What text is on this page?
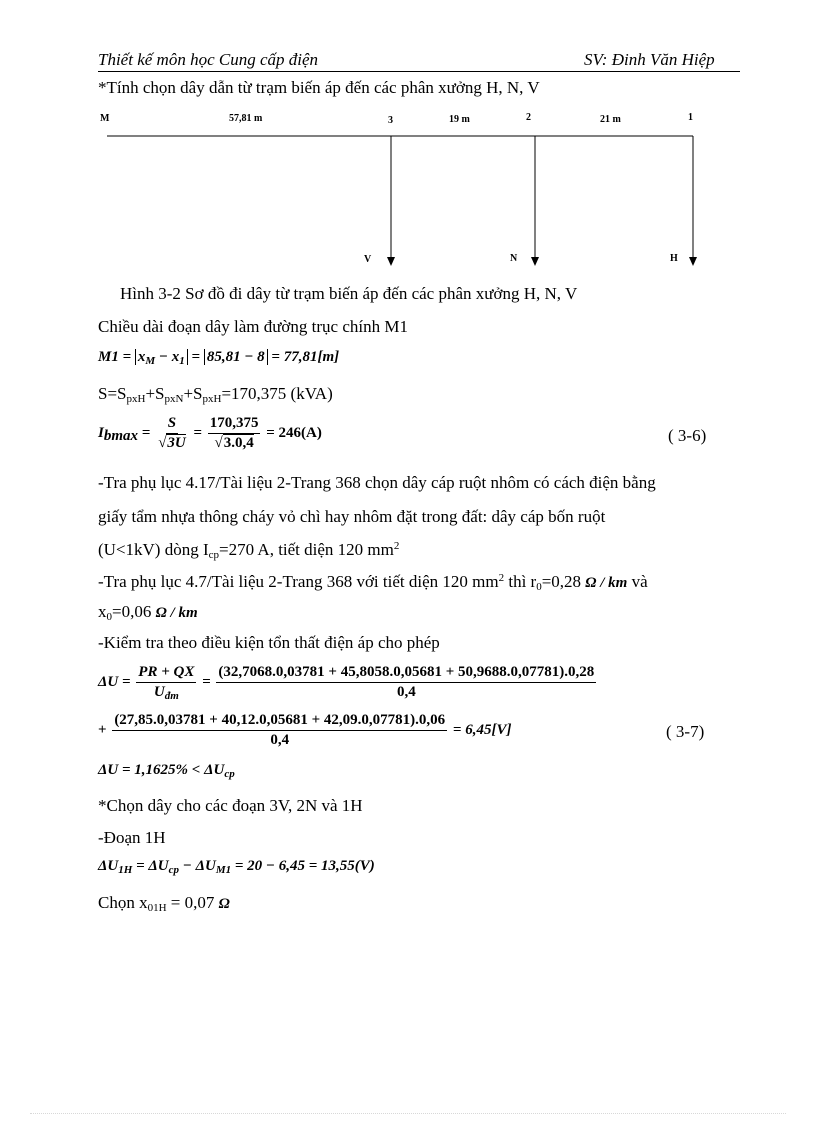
Thiết kế môn học Cung cấp điện	SV: Đinh Văn Hiệp
*Tính chọn dây dẫn từ trạm biến áp đến các phân xưởng H, N, V
M	57,81 m	3	19 m	2	21 m	1
V	N	H
Hình 3-2 Sơ đồ đi dây từ trạm biến áp đến các phân xưởng H, N, V
Chiều dài đoạn dây làm đường trục chính M1
$M1 = x_M - x_1 = 85,81 - 8 = 77,81[m]$
$S=S_{pxH}+S_{pxN}+S_{pxH}=170,375$ (kVA)
$I_{bmax} = \frac{S}{√3U} = \frac{170,375}{√3.0,4} = 246(A)$	( 3-6)
-Tra phụ lục 4.17/Tài liệu 2-Trang 368 chọn dây cáp ruột nhôm có cách điện bằng
giấy tẩm nhựa thông cháy vỏ chì hay nhôm đặt trong đất: dây cáp bốn ruột
(U<1kV) dòng $I_{cp}=270$ A, tiết diện 120 $mm^2$
-Tra phụ lục 4.7/Tài liệu 2-Trang 368 với tiết diện 120 $mm^2$ thì $r_0=0,28$ Ω / km và
$x_0=0,06$ Ω / km
-Kiểm tra theo điều kiện tổn thất điện áp cho phép
$\Delta U = \frac{PR + QX}{U_{đm}} = \frac{(32,7068.0,03781 + 45,8058.0,05681 + 50,9688.0,07781).0,28}{0,4}$
+ $\frac{(27,85.0,03781 + 40,12.0,05681 + 42,09.0,07781).0,06}{0,4} = 6,45[V]$	( 3-7)
$\Delta U = 1,1625\% < \Delta U_{cp}$
*Chọn dây cho các đoạn 3V, 2N và 1H
-Đoạn 1H
$\Delta U_{1H} = \Delta U_{cp} - \Delta U_{M1} = 20 - 6,45 = 13,55(V)$
Chọn $x_{01H} = 0,07$ Ω
